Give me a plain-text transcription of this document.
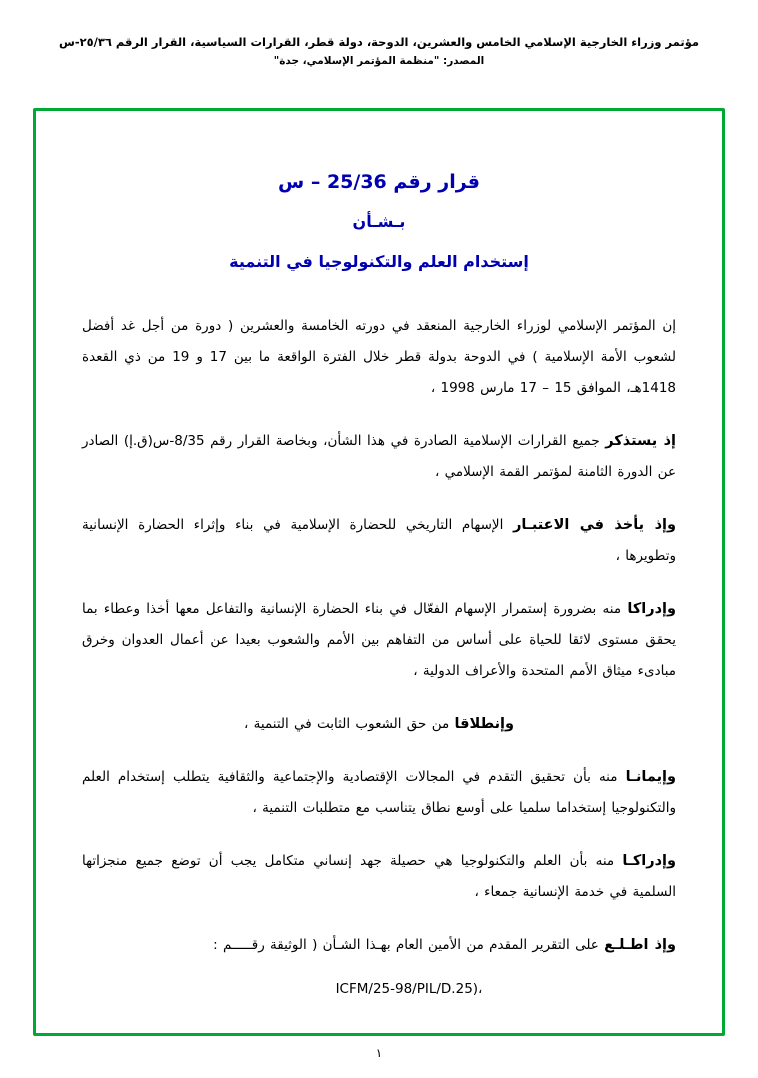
مؤتمر وزراء الخارجية الإسلامي الخامس والعشرين، الدوحة، دولة قطر، القرارات السياسية، القرار الرقم ٢٥/٣٦-س
المصدر: "منظمة المؤتمر الإسلامي، جدة"
قرار رقم 25/36 – س
بـشـأن
إستخدام العلم والتكنولوجيا في التنمية

إن المؤتمر الإسلامي لوزراء الخارجية المنعقد في دورته الخامسة والعشرين ( دورة من أجل غد أفضل لشعوب الأمة الإسلامية ) في الدوحة بدولة قطر خلال الفترة الواقعة ما بين 17 و 19 من ذي القعدة 1418هـ، الموافق 15 – 17 مارس 1998 ،

إذ يستذكر جميع القرارات الإسلامية الصادرة في هذا الشأن، وبخاصة القرار رقم 8/35-س(ق.إ) الصادر عن الدورة الثامنة لمؤتمر القمة الإسلامي ،

وإذ يأخذ في الاعتبـار الإسهام التاريخي للحضارة الإسلامية في بناء وإثراء الحضارة الإنسانية وتطويرها ،

وإدراكا منه بضرورة إستمرار الإسهام الفعّال في بناء الحضارة الإنسانية والتفاعل معها أخذا وعطاء بما يحقق مستوى لائقا للحياة على أساس من التفاهم بين الأمم والشعوب بعيدا عن أعمال العدوان وخرق مبادىء ميثاق الأمم المتحدة والأعراف الدولية ،

وإنطلاقا من حق الشعوب الثابت في التنمية ،

وإيمانـا منه بأن تحقيق التقدم في المجالات الإقتصادية والإجتماعية والثقافية يتطلب إستخدام العلم والتكنولوجيا إستخداما سلميا على أوسع نطاق يتناسب مع متطلبات التنمية ،

وإدراكـا منه بأن العلم والتكنولوجيا هي حصيلة جهد إنساني متكامل يجب أن توضع جميع منجزاتها السلمية في خدمة الإنسانية جمعاء ،

وإذ اطـلـع على التقرير المقدم من الأمين العام بهـذا الشـأن ( الوثيقة رقـــــم :

ICFM/25-98/PIL/D.25)،
١
